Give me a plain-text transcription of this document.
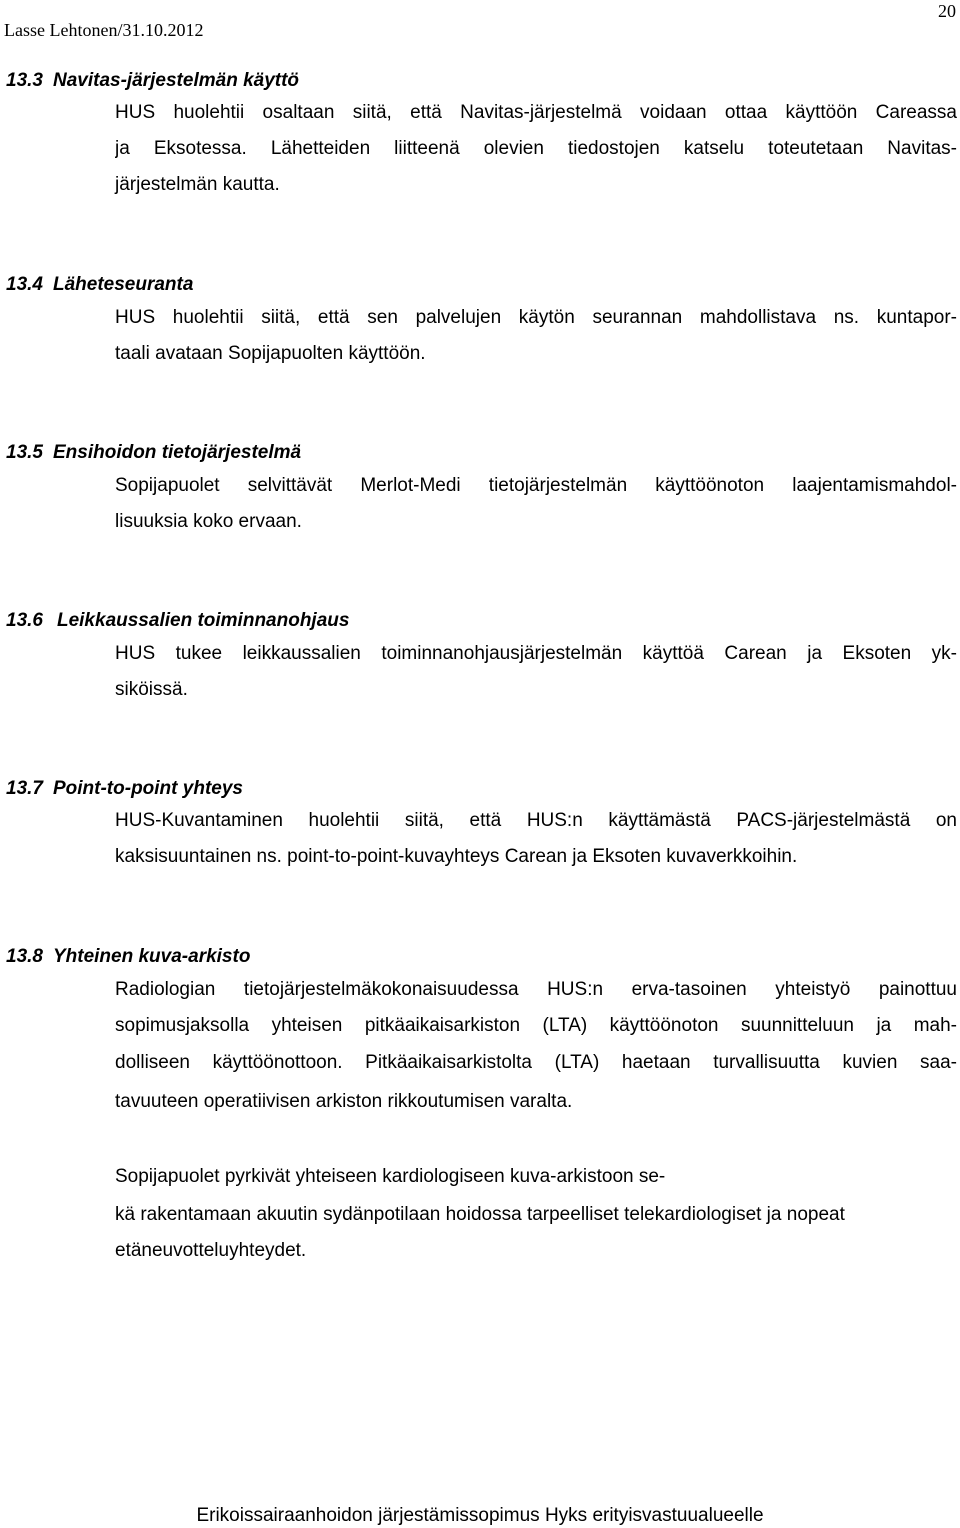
Lasse Lehtonen/31.10.2012
20
13.3 Navitas-järjestelmän käyttö
HUS huolehtii osaltaan siitä, että Navitas-järjestelmä voidaan ottaa käyttöön Careassa
ja Eksotessa. Lähetteiden liitteenä olevien tiedostojen katselu toteutetaan Navitas-
järjestelmän kautta.
13.4 Läheteseuranta
HUS huolehtii siitä, että sen palvelujen käytön seurannan mahdollistava ns. kuntapor-
taali avataan Sopijapuolten käyttöön.
13.5 Ensihoidon tietojärjestelmä
Sopijapuolet selvittävät Merlot-Medi tietojärjestelmän käyttöönoton laajentamismahdol-
lisuuksia koko ervaan.
13.6 Leikkaussalien toiminnanohjaus
HUS tukee leikkaussalien toiminnanohjausjärjestelmän käyttöä Carean ja Eksoten yk-
siköissä.
13.7 Point-to-point yhteys
HUS-Kuvantaminen huolehtii siitä, että HUS:n käyttämästä PACS-järjestelmästä on
kaksisuuntainen ns. point-to-point-kuvayhteys Carean ja Eksoten kuvaverkkoihin.
13.8 Yhteinen kuva-arkisto
Radiologian tietojärjestelmäkokonaisuudessa HUS:n erva-tasoinen yhteistyö painottuu
sopimusjaksolla yhteisen pitkäaikaisarkiston (LTA) käyttöönoton suunnitteluun ja mah-
dolliseen käyttöönottoon. Pitkäaikaisarkistolta (LTA) haetaan turvallisuutta kuvien saa-
tavuuteen operatiivisen arkiston rikkoutumisen varalta.
Sopijapuolet pyrkivät yhteiseen kardiologiseen kuva-arkistoon se-
kä rakentamaan akuutin sydänpotilaan hoidossa tarpeelliset telekardiologiset ja nopeat
etäneuvotteluyhteydet.
Erikoissairaanhoidon järjestämissopimus Hyks erityisvastuualueelle
